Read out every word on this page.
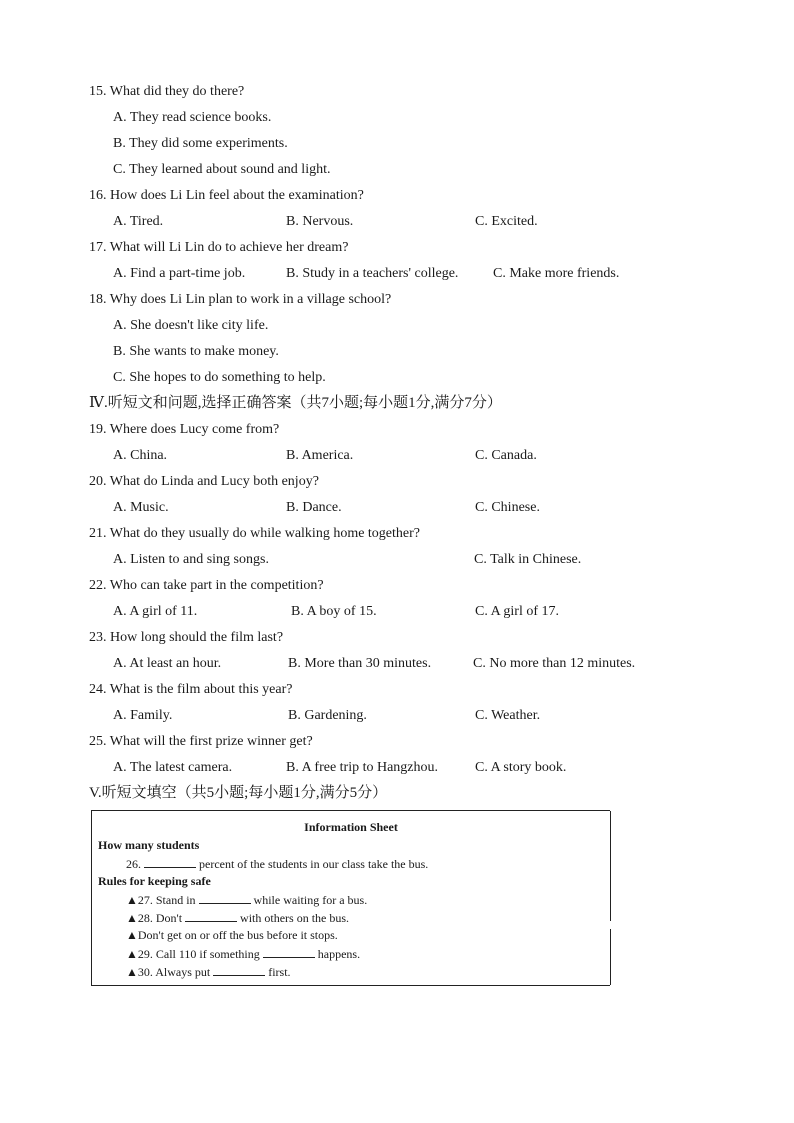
15. What did they do there?
A. They read science books.
B. They did some experiments.
C. They learned about sound and light.
16. How does Li Lin feel about the examination?
A. Tired.	B. Nervous.	C. Excited.
17. What will Li Lin do to achieve her dream?
A. Find a part-time job.	B. Study in a teachers' college. C. Make more friends.
18. Why does Li Lin plan to work in a village school?
A. She doesn't like city life.
B. She wants to make money.
C. She hopes to do something to help.
Ⅳ.听短文和问题,选择正确答案（共7小题;每小题1分,满分7分）
19. Where does Lucy come from?
A. China.	B. America.	C. Canada.
20. What do Linda and Lucy both enjoy?
A. Music.	B. Dance.	C. Chinese.
21. What do they usually do while walking home together?
A. Listen to and sing songs.	C. Talk in Chinese.
22. Who can take part in the competition?
A. A girl of 11.	B. A boy of 15.	C. A girl of 17.
23. How long should the film last?
A. At least an hour.	B. More than 30 minutes.	C. No more than 12 minutes.
24. What is the film about this year?
A. Family.	B. Gardening.	C. Weather.
25. What will the first prize winner get?
A. The latest camera.	B. A free trip to Hangzhou.	C. A story book.
V.听短文填空（共5小题;每小题1分,满分5分）
Information Sheet
How many students
26.	percent of the students in our class take the bus.
Rules for keeping safe
▲27. Stand in	while waiting for a bus.
▲28. Don't	with others on the bus.
▲Don't get on or off the bus before it stops.
▲29. Call 110 if something	happens.
▲30. Always put	first.
